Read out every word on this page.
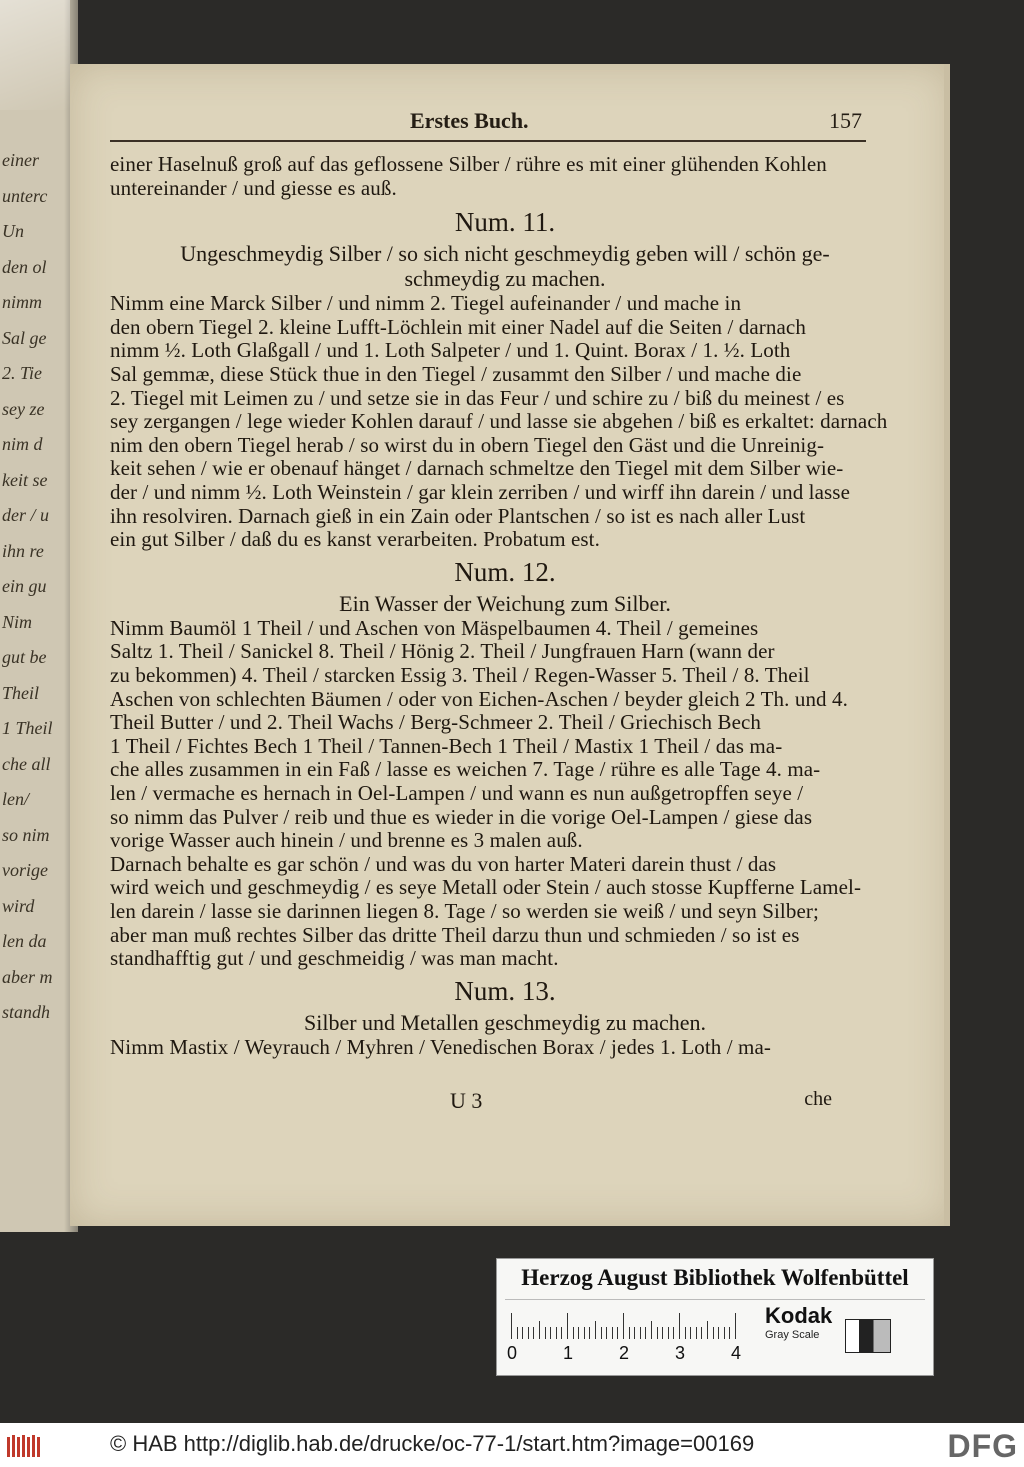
einer
unterc
Un
den ol
nimm
Sal ge
2. Tie
sey ze
nim d
keit se
der / u
ihn re
ein gu
Nim
gut be
Theil
1 Theil
che all
len/
so nim
vorige
wird
len da
aber m
standh
Erstes Buch.	157
einer Haselnuß groß auf das geflossene Silber / rühre es mit einer glühenden Kohlen
untereinander / und giesse es auß.
Num. 11.
Ungeschmeydig Silber / so sich nicht geschmeydig geben will / schön ge-
schmeydig zu machen.
Nimm eine Marck Silber / und nimm 2. Tiegel aufeinander / und mache in
den obern Tiegel 2. kleine Lufft-Löchlein mit einer Nadel auf die Seiten / darnach
nimm ½. Loth Glaßgall / und 1. Loth Salpeter / und 1. Quint. Borax / 1. ½. Loth
Sal gemmæ, diese Stück thue in den Tiegel / zusammt den Silber / und mache die
2. Tiegel mit Leimen zu / und setze sie in das Feur / und schire zu / biß du meinest / es
sey zergangen / lege wieder Kohlen darauf / und lasse sie abgehen / biß es erkaltet: darnach
nim den obern Tiegel herab / so wirst du in obern Tiegel den Gäst und die Unreinig-
keit sehen / wie er obenauf hänget / darnach schmeltze den Tiegel mit dem Silber wie-
der / und nimm ½. Loth Weinstein / gar klein zerriben / und wirff ihn darein / und lasse
ihn resolviren. Darnach gieß in ein Zain oder Plantschen / so ist es nach aller Lust
ein gut Silber / daß du es kanst verarbeiten. Probatum est.
Num. 12.
Ein Wasser der Weichung zum Silber.
Nimm Baumöl 1 Theil / und Aschen von Mäspelbaumen 4. Theil / gemeines
Saltz 1. Theil / Sanickel 8. Theil / Hönig 2. Theil / Jungfrauen Harn (wann der
zu bekommen) 4. Theil / starcken Essig 3. Theil / Regen-Wasser 5. Theil / 8. Theil
Aschen von schlechten Bäumen / oder von Eichen-Aschen / beyder gleich 2 Th. und 4.
Theil Butter / und 2. Theil Wachs / Berg-Schmeer 2. Theil / Griechisch Bech
1 Theil / Fichtes Bech 1 Theil / Tannen-Bech 1 Theil / Mastix 1 Theil / das ma-
che alles zusammen in ein Faß / lasse es weichen 7. Tage / rühre es alle Tage 4. ma-
len / vermache es hernach in Oel-Lampen / und wann es nun außgetropffen seye /
so nimm das Pulver / reib und thue es wieder in die vorige Oel-Lampen / giese das
vorige Wasser auch hinein / und brenne es 3 malen auß.
Darnach behalte es gar schön / und was du von harter Materi darein thust / das
wird weich und geschmeydig / es seye Metall oder Stein / auch stosse Kupfferne Lamel-
len darein / lasse sie darinnen liegen 8. Tage / so werden sie weiß / und seyn Silber;
aber man muß rechtes Silber das dritte Theil darzu thun und schmieden / so ist es
standhafftig gut / und geschmeidig / was man macht.
Num. 13.
Silber und Metallen geschmeydig zu machen.
Nimm Mastix / Weyrauch / Myhren / Venedischen Borax / jedes 1. Loth / ma-
U 3	che
Herzog August Bibliothek Wolfenbüttel
0	1	2	3	4
Kodak
Gray Scale
© HAB http://diglib.hab.de/drucke/oc-77-1/start.htm?image=00169	DFG
